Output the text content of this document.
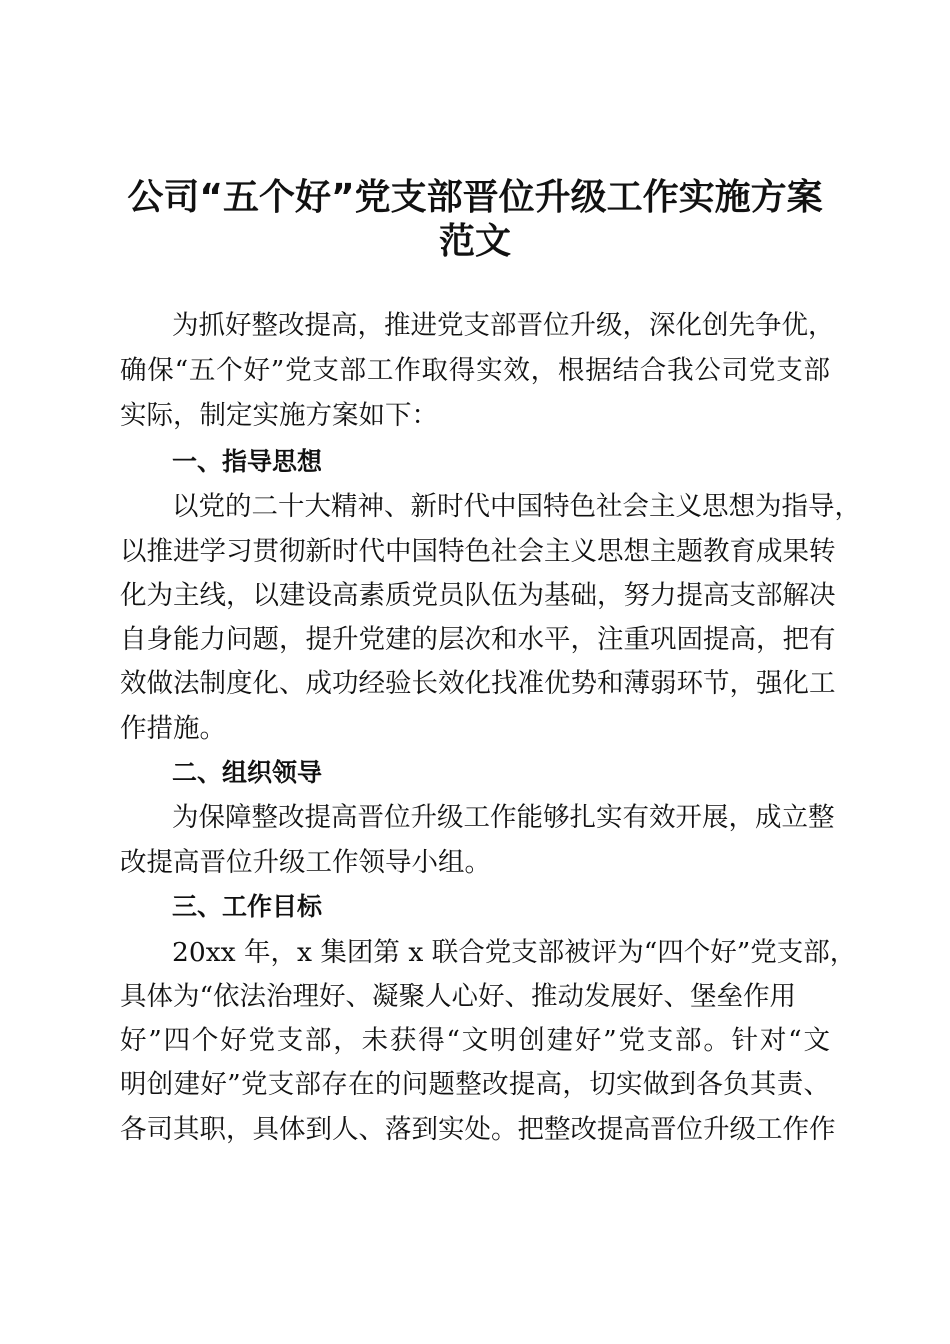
公司“五个好”党支部晋位升级工作实施方案
范文
为抓好整改提高，推进党支部晋位升级，深化创先争优，
确保“五个好”党支部工作取得实效，根据结合我公司党支部
实际，制定实施方案如下：
一、指导思想
以党的二十大精神、新时代中国特色社会主义思想为指导，
以推进学习贯彻新时代中国特色社会主义思想主题教育成果转
化为主线，以建设高素质党员队伍为基础，努力提高支部解决
自身能力问题，提升党建的层次和水平，注重巩固提高，把有
效做法制度化、成功经验长效化找准优势和薄弱环节，强化工
作措施。
二、组织领导
为保障整改提高晋位升级工作能够扎实有效开展，成立整
改提高晋位升级工作领导小组。
三、工作目标
20xx 年，x 集团第 x 联合党支部被评为“四个好”党支部，
具体为“依法治理好、凝聚人心好、推动发展好、堡垒作用
好”四个好党支部，未获得“文明创建好”党支部。针对“文
明创建好”党支部存在的问题整改提高，切实做到各负其责、
各司其职，具体到人、落到实处。把整改提高晋位升级工作作
